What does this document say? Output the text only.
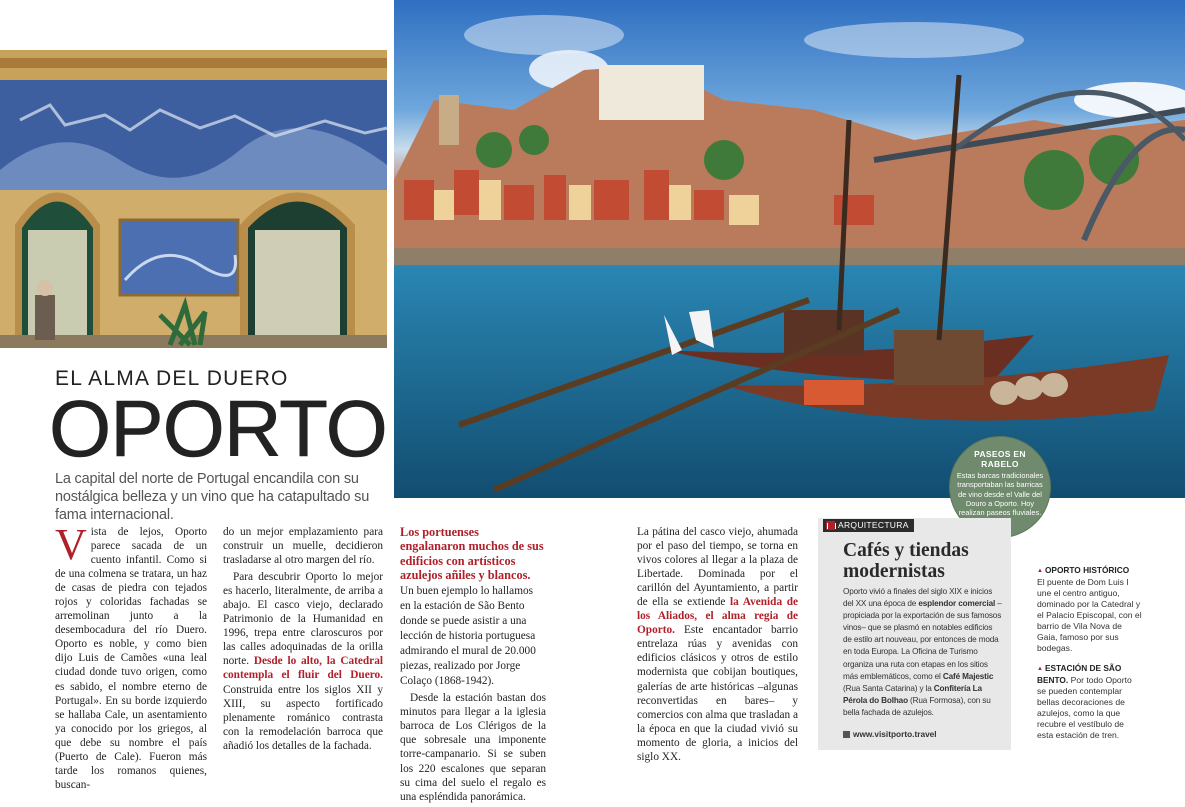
EL ALMA DEL DUERO
OPORTO

La capital del norte de Portugal encandila con su nostálgica belleza y un vino que ha catapultado su fama internacional.

Vista de lejos, Oporto parece sacada de un cuento infantil. Como si de una colmena se tratara, un haz de casas de piedra con tejados rojos y coloridas fachadas se arremolinan junto a la desembocadura del río Duero. Oporto es noble, y como bien dijo Luis de Camões «una leal ciudad donde tuvo origen, como es sabido, el nombre eterno de Portugal». En su borde izquierdo se hallaba Cale, un asentamiento ya conocido por los griegos, al que debe su nombre el país (Puerto de Cale). Fueron más tarde los romanos quienes, buscan-

do un mejor emplazamiento para construir un muelle, decidieron trasladarse al otro margen del río.

Para descubrir Oporto lo mejor es hacerlo, literalmente, de arriba a abajo. El casco viejo, declarado Patrimonio de la Humanidad en 1996, trepa entre claroscuros por las calles adoquinadas de la orilla norte. Desde lo alto, la Catedral contempla el fluir del Duero. Construida entre los siglos XII y XIII, su aspecto fortificado plenamente románico contrasta con la remodelación barroca que añadió los detalles de la fachada.

Los portuenses engalanaron muchos de sus edificios con artísticos azulejos añiles y blancos. Un buen ejemplo lo hallamos en la estación de São Bento donde se puede asistir a una lección de historia portuguesa admirando el mural de 20.000 piezas, realizado por Jorge Colaço (1868-1942).

Desde la estación bastan dos minutos para llegar a la iglesia barroca de Los Clérigos de la que sobresale una imponente torre-campanario. Si se suben los 220 escalones que separan su cima del suelo el regalo es una espléndida panorámica.

La pátina del casco viejo, ahumada por el paso del tiempo, se torna en vivos colores al llegar a la plaza de Libertade. Dominada por el carillón del Ayuntamiento, a partir de ella se extiende la Avenida de los Aliados, el alma regia de Oporto. Este encantador barrio entrelaza rúas y avenidas con edificios clásicos y otros de estilo modernista que cobijan boutiques, galerías de arte históricas –algunas reconvertidas en bares– y comercios con alma que trasladan a la época en que la ciudad vivió su momento de gloria, a inicios del siglo XX.

PASEOS EN RABELO
Estas barcas tradicionales transportaban las barricas de vino desde el Valle del Douro a Oporto. Hoy realizan paseos fluviales.
ARQUITECTURA
Cafés y tiendas modernistas

Oporto vivió a finales del siglo XIX e inicios del XX una época de esplendor comercial –propiciada por la exportación de sus famosos vinos– que se plasmó en notables edificios de estilo art nouveau, por entonces de moda en toda Europa. La Oficina de Turismo organiza una ruta con etapas en los sitios más emblemáticos, como el Café Majestic (Rua Santa Catarina) y la Confitería La Pérola do Bolhao (Rua Formosa), con su bella fachada de azulejos.

www.visitporto.travel
▲ OPORTO HISTÓRICO
El puente de Dom Luis I une el centro antiguo, dominado por la Catedral y el Palacio Episcopal, con el barrio de Vila Nova de Gaia, famoso por sus bodegas.
▲ ESTACIÓN DE SÃO BENTO. Por todo Oporto se pueden contemplar bellas decoraciones de azulejos, como la que recubre el vestíbulo de esta estación de tren.
